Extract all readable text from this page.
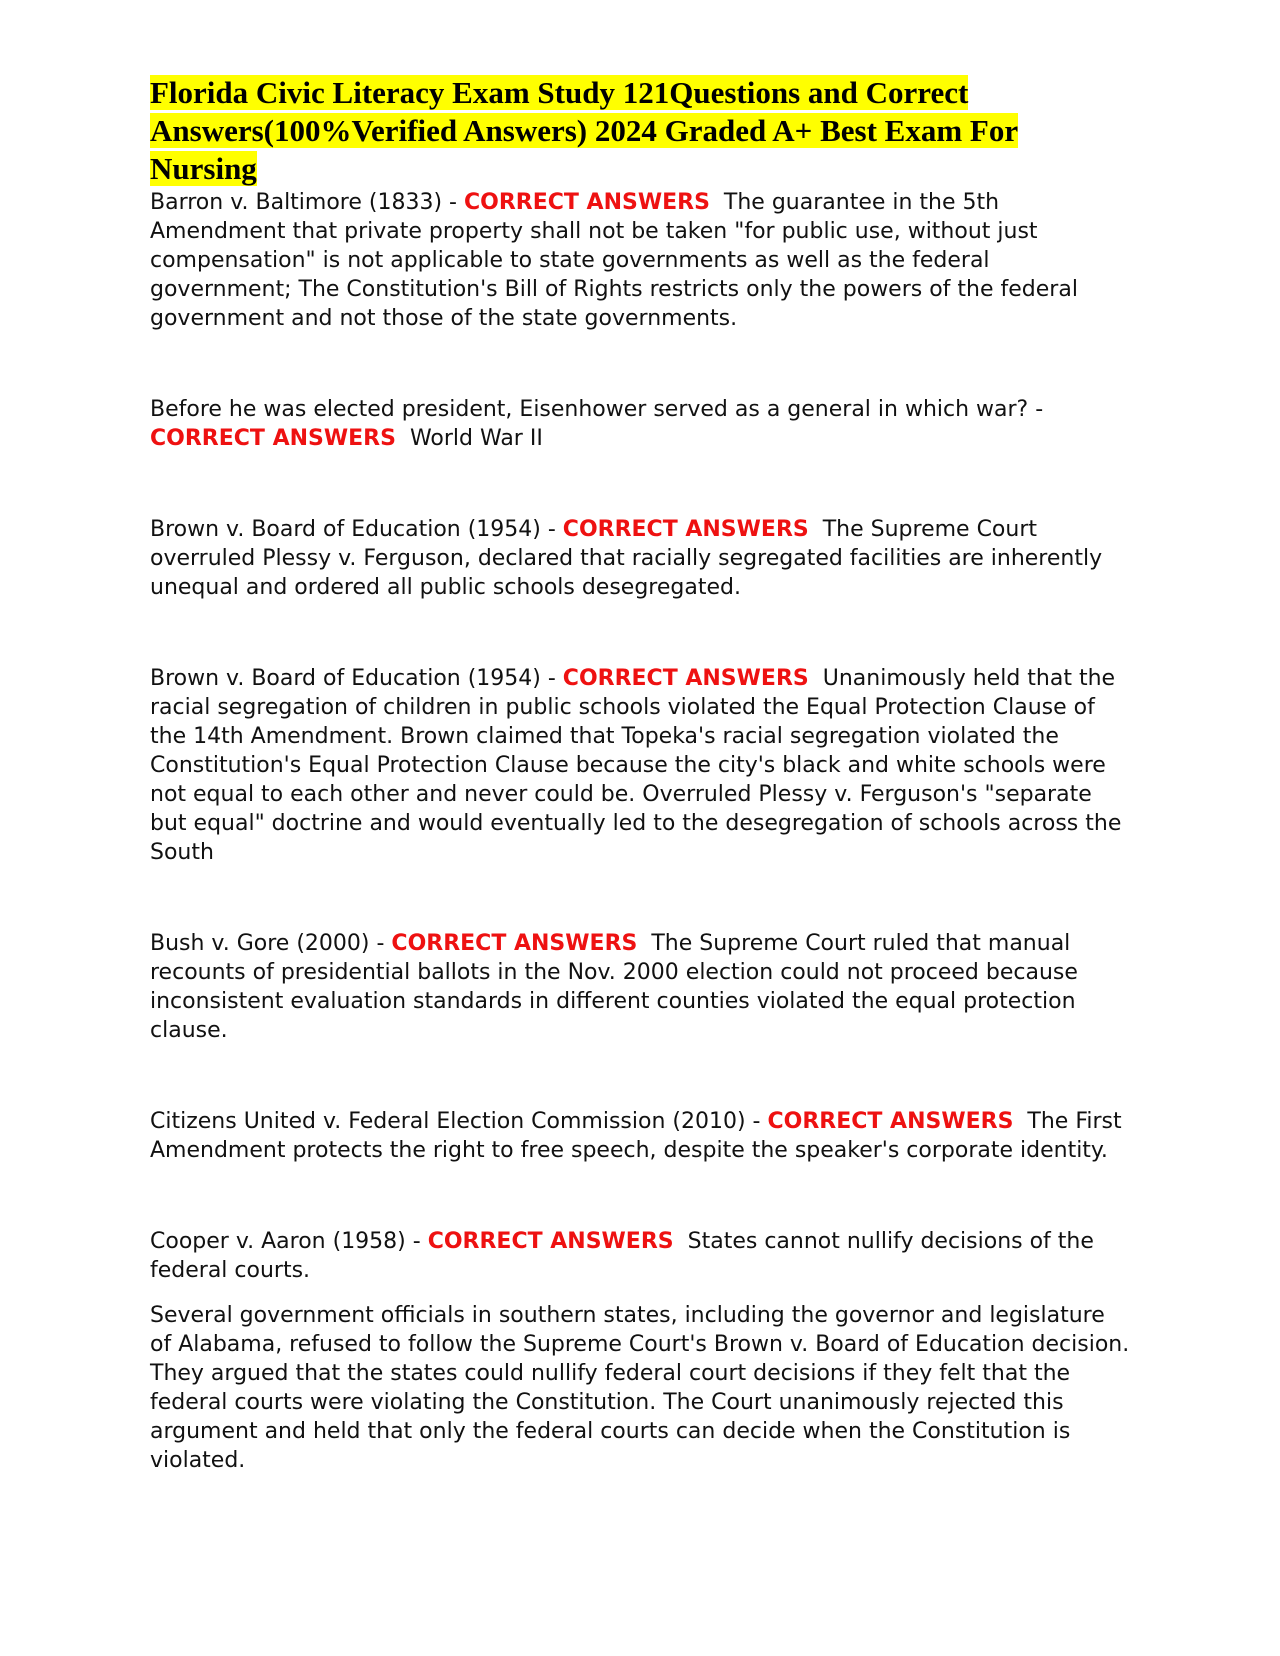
Florida Civic Literacy Exam Study 121Questions and Correct Answers(100%Verified Answers) 2024 Graded A+ Best Exam For Nursing

Barron v. Baltimore (1833) - CORRECT ANSWERS The guarantee in the 5th Amendment that private property shall not be taken "for public use, without just compensation" is not applicable to state governments as well as the federal government; The Constitution's Bill of Rights restricts only the powers of the federal government and not those of the state governments.

Before he was elected president, Eisenhower served as a general in which war? - CORRECT ANSWERS World War II

Brown v. Board of Education (1954) - CORRECT ANSWERS The Supreme Court overruled Plessy v. Ferguson, declared that racially segregated facilities are inherently unequal and ordered all public schools desegregated.

Brown v. Board of Education (1954) - CORRECT ANSWERS Unanimously held that the racial segregation of children in public schools violated the Equal Protection Clause of the 14th Amendment. Brown claimed that Topeka's racial segregation violated the Constitution's Equal Protection Clause because the city's black and white schools were not equal to each other and never could be. Overruled Plessy v. Ferguson's "separate but equal" doctrine and would eventually led to the desegregation of schools across the South

Bush v. Gore (2000) - CORRECT ANSWERS The Supreme Court ruled that manual recounts of presidential ballots in the Nov. 2000 election could not proceed because inconsistent evaluation standards in different counties violated the equal protection clause.

Citizens United v. Federal Election Commission (2010) - CORRECT ANSWERS The First Amendment protects the right to free speech, despite the speaker's corporate identity.

Cooper v. Aaron (1958) - CORRECT ANSWERS States cannot nullify decisions of the federal courts.

Several government officials in southern states, including the governor and legislature of Alabama, refused to follow the Supreme Court's Brown v. Board of Education decision. They argued that the states could nullify federal court decisions if they felt that the federal courts were violating the Constitution. The Court unanimously rejected this argument and held that only the federal courts can decide when the Constitution is violated.
